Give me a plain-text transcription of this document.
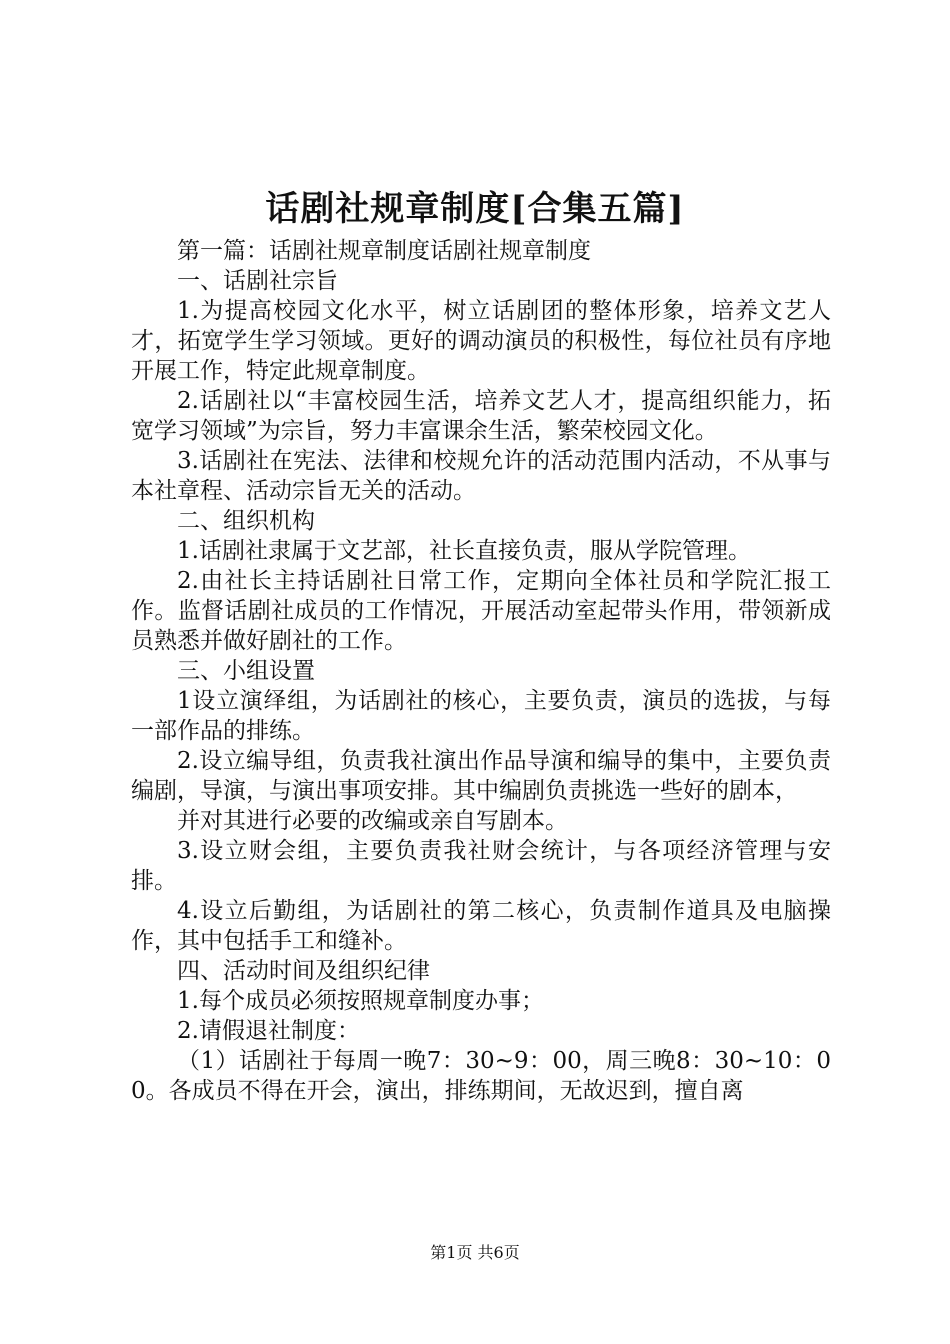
话剧社规章制度[合集五篇]

第一篇：话剧社规章制度话剧社规章制度

一、话剧社宗旨

1.为提高校园文化水平，树立话剧团的整体形象，培养文艺人才，拓宽学生学习领域。更好的调动演员的积极性，每位社员有序地开展工作，特定此规章制度。

2.话剧社以“丰富校园生活，培养文艺人才，提高组织能力，拓宽学习领域”为宗旨，努力丰富课余生活，繁荣校园文化。

3.话剧社在宪法、法律和校规允许的活动范围内活动，不从事与本社章程、活动宗旨无关的活动。

二、组织机构

1.话剧社隶属于文艺部，社长直接负责，服从学院管理。

2.由社长主持话剧社日常工作，定期向全体社员和学院汇报工作。监督话剧社成员的工作情况，开展活动室起带头作用，带领新成员熟悉并做好剧社的工作。

三、小组设置

1设立演绎组，为话剧社的核心，主要负责，演员的选拔，与每一部作品的排练。

2.设立编导组，负责我社演出作品导演和编导的集中，主要负责编剧，导演，与演出事项安排。其中编剧负责挑选一些好的剧本，

并对其进行必要的改编或亲自写剧本。

3.设立财会组，主要负责我社财会统计，与各项经济管理与安排。

4.设立后勤组，为话剧社的第二核心，负责制作道具及电脑操作，其中包括手工和缝补。

四、活动时间及组织纪律

1.每个成员必须按照规章制度办事；

2.请假退社制度：

（1）话剧社于每周一晚7：30~9：00，周三晚8：30~10：00。各成员不得在开会，演出，排练期间，无故迟到，擅自离

第1页 共6页
